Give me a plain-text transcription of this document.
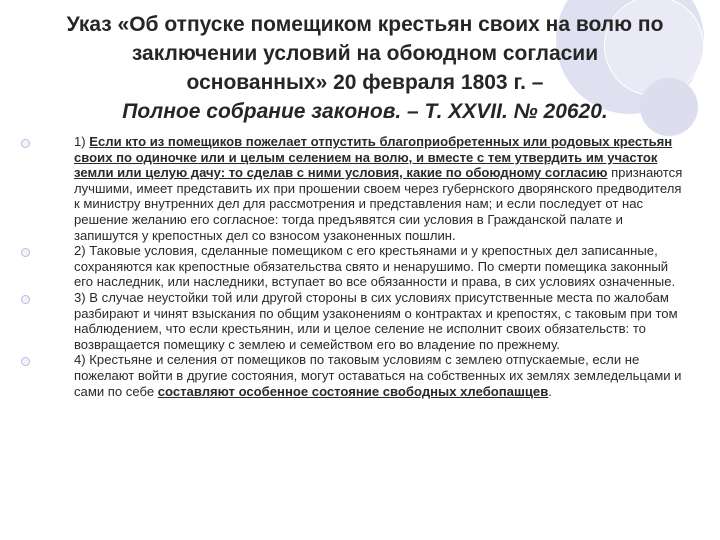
Указ «Об отпуске помещиком крестьян своих на волю по заключении условий на обоюдном согласии основанных» 20 февраля 1803 г. –
Полное собрание законов. – Т. XXVII. № 20620.
1) Если кто из помещиков пожелает отпустить благоприобретенных или родовых крестьян своих по одиночке или и целым селением на волю, и вместе с тем утвердить им участок земли или целую дачу: то сделав с ними условия, какие по обоюдному согласию признаются лучшими, имеет представить их при прошении своем через губернского дворянского предводителя к министру внутренних дел для рассмотрения и представления нам; и если последует от нас решение желанию его согласное: тогда предъявятся сии условия в Гражданской палате и запишутся у крепостных дел со взносом узаконенных пошлин.
2) Таковые условия, сделанные помещиком с его крестьянами и у крепостных дел записанные, сохраняются как крепостные обязательства свято и ненарушимо. По смерти помещика законный его наследник, или наследники, вступает во все обязанности и права, в сих условиях означенные.
3) В случае неустойки той или другой стороны в сих условиях присутственные места по жалобам разбирают и чинят взыскания по общим узаконениям о контрактах и крепостях, с таковым при том наблюдением, что если крестьянин, или и целое селение не исполнит своих обязательств: то возвращается помещику с землею и семейством его во владение по прежнему.
4) Крестьяне и селения от помещиков по таковым условиям с землею отпускаемые, если не пожелают войти в другие состояния, могут оставаться на собственных их землях земледельцами и сами по себе составляют особенное состояние свободных хлебопашцев.
